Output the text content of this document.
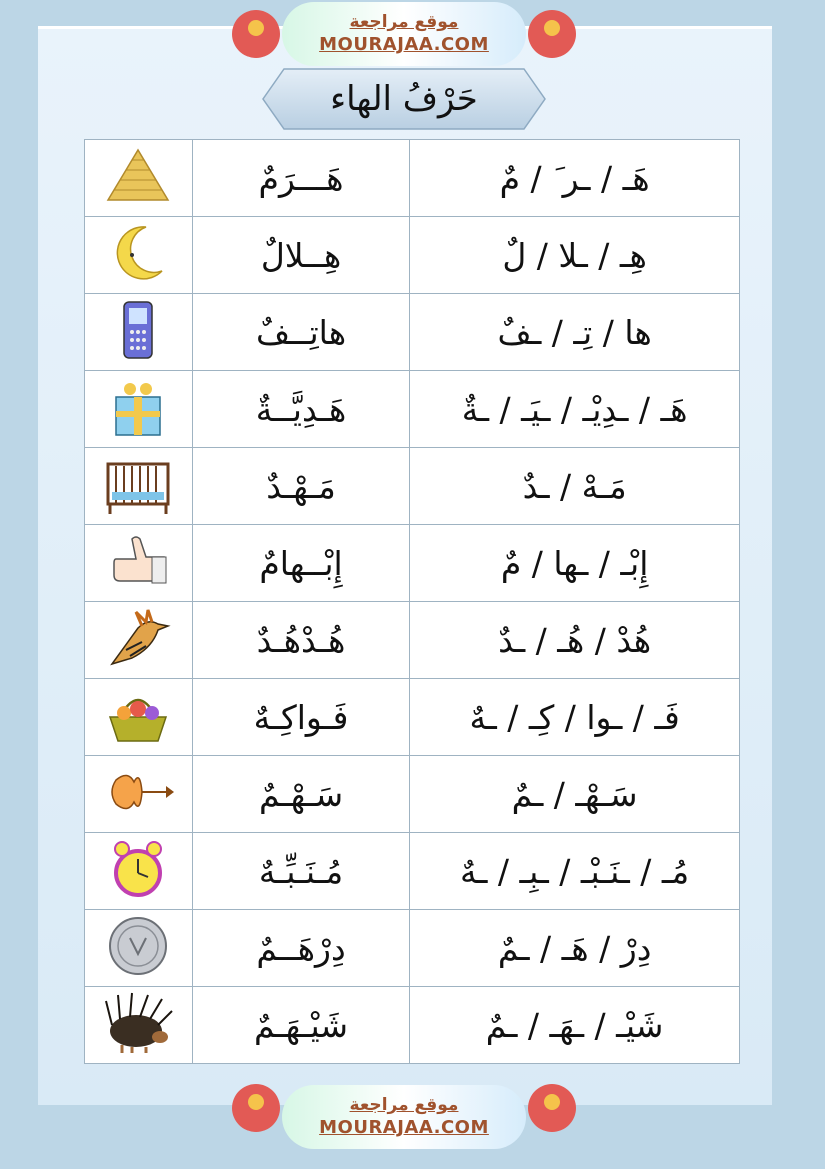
موقع مراجعة
MOURAJAA.COM
حَرْفُ الهاء
	هَـــرَمٌ	هَـ / ـر َ / مٌ
	هِــلالٌ	هِـ / ـلا / لٌ
	هاتِــفٌ	ها / تِـ / ـفٌ
	هَـدِيَّــةٌ	هَـ / ـدِيْـ / ـيَـ / ـةٌ
	مَـهْـدٌ	مَـهْ / ـدٌ
	إِبْــهامٌ	إِبْـ / ـها / مٌ
	هُـدْهُـدٌ	هُدْ / هُـ / ـدٌ
	فَـواكِـهٌ	فَـ / ـوا / كِـ / ـهٌ
	سَـهْـمٌ	سَـهْـ / ـمٌ
	مُـنَـبِّـهٌ	مُـ / ـنَـبْـ / ـبِـ / ـهٌ
	دِرْهَــمٌ	دِرْ / هَـ / ـمٌ
	شَيْـهَـمٌ	شَيْـ / ـهَـ / ـمٌ
موقع مراجعة
MOURAJAA.COM
